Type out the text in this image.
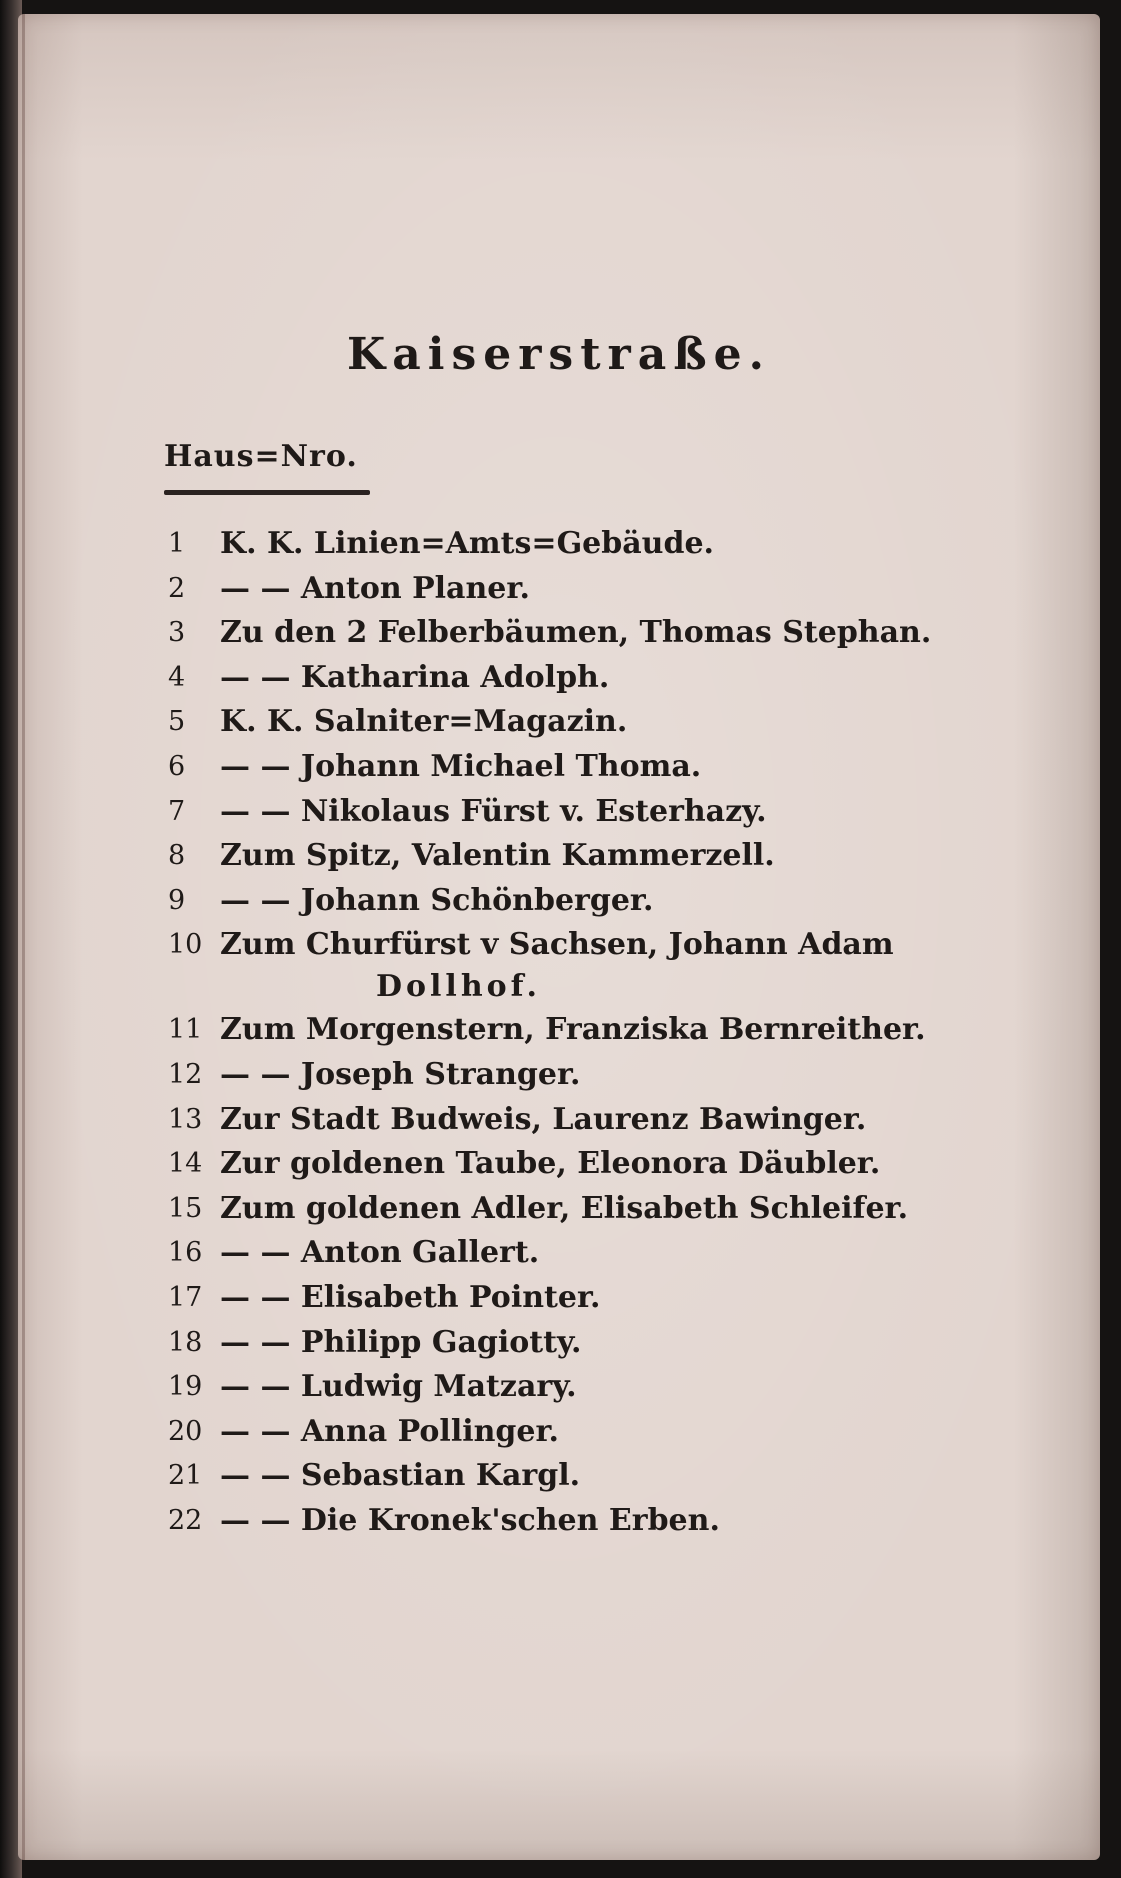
Kaiserstraße.
Haus=Nro.
1	K. K. Linien=Amts=Gebäude.
2	— — Anton Planer.
3	Zu den 2 Felberbäumen, Thomas Stephan.
4	— — Katharina Adolph.
5	K. K. Salniter=Magazin.
6	— — Johann Michael Thoma.
7	— — Nikolaus Fürst v. Esterhazy.
8	Zum Spitz, Valentin Kammerzell.
9	— — Johann Schönberger.
10 Zum Churfürst v Sachsen, Johann Adam
Dollhof.
11 Zum Morgenstern, Franziska Bernreither.
12 — — Joseph Stranger.
13 Zur Stadt Budweis, Laurenz Bawinger.
14 Zur goldenen Taube, Eleonora Däubler.
15 Zum goldenen Adler, Elisabeth Schleifer.
16 — — Anton Gallert.
17 — — Elisabeth Pointer.
18 — — Philipp Gagiotty.
19 — — Ludwig Matzary.
20 — — Anna Pollinger.
21 — — Sebastian Kargl.
22 — — Die Kronek'schen Erben.
